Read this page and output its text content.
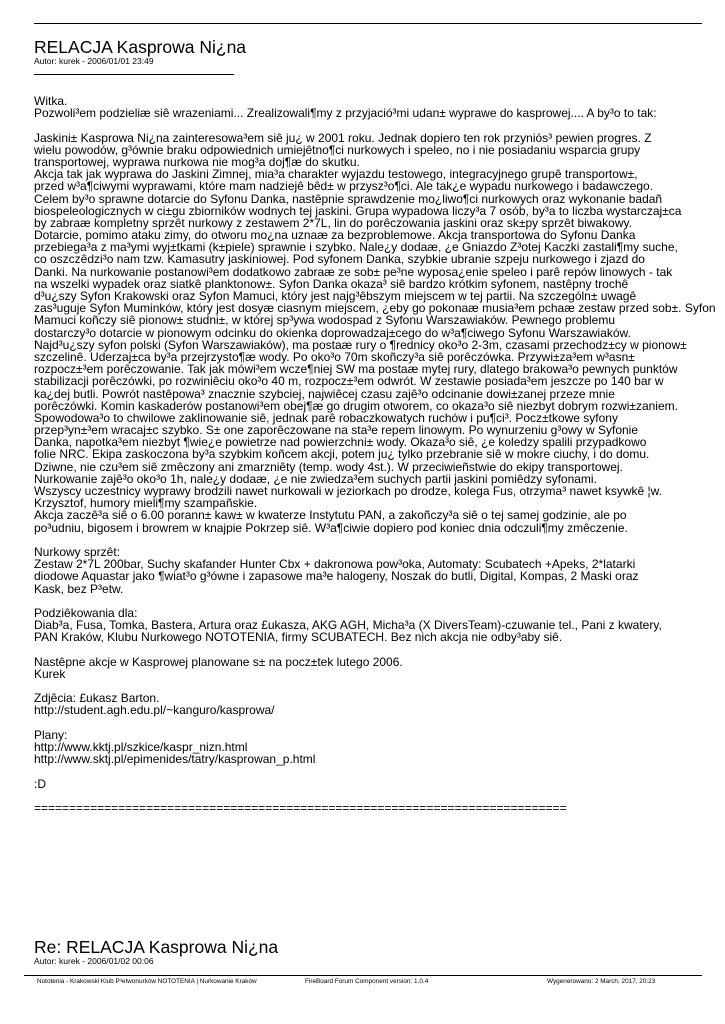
RELACJA Kasprowa Ni¿na
Autor: kurek - 2006/01/01 23:49
Witka.
Pozwoli³em podzieliæ siê wrazeniami... Zrealizowali¶my z przyjació³mi udan± wyprawe do kasprowej.... A by³o to tak:
Jaskini± Kasprowa Ni¿na zainteresowa³em siê ju¿ w 2001 roku. Jednak dopiero ten rok przyniós³ pewien progres. Z
wielu powodów, g³ównie braku odpowiednich umiejêtno¶ci nurkowych i speleo, no i nie posiadaniu wsparcia grupy
transportowej, wyprawa nurkowa nie mog³a doj¶æ do skutku.
Akcja tak jak wyprawa do Jaskini Zimnej, mia³a charakter wyjazdu testowego, integracyjnego grupê transportow±,
przed w³a¶ciwymi wyprawami, które mam nadziejê bêd± w przysz³o¶ci. Ale tak¿e wypadu nurkowego i badawczego.
Celem by³o sprawne dotarcie do Syfonu Danka, nastêpnie sprawdzenie mo¿liwo¶ci nurkowych oraz wykonanie badañ
biospeleologicznych w ci±gu zbiorników wodnych tej jaskini. Grupa wypadowa liczy³a 7 osób, by³a to liczba wystarczaj±ca
by zabraæ kompletny sprzêt nurkowy z zestawem 2*7L, lin do porêczowania jaskini oraz sk±py sprzêt biwakowy.
Dotarcie, pomimo ataku zimy, do otworu mo¿na uznaæ za bezproblemowe. Akcja transportowa do Syfonu Danka
przebiega³a z ma³ymi wyj±tkami (k±piele) sprawnie i szybko. Nale¿y dodaæ, ¿e Gniazdo Z³otej Kaczki zastali¶my suche,
co oszczêdzi³o nam tzw. Kamasutry jaskiniowej. Pod syfonem Danka, szybkie ubranie szpeju nurkowego i zjazd do
Danki. Na nurkowanie postanowi³em dodatkowo zabraæ ze sob± pe³ne wyposa¿enie speleo i parê repów linowych - tak
na wszelki wypadek oraz siatkê planktonow±. Syfon Danka okaza³ siê bardzo krótkim syfonem, nastêpny trochê
d³u¿szy Syfon Krakowski oraz Syfon Mamuci, który jest najg³êbszym miejscem w tej partii. Na szczególn± uwagê
zas³uguje Syfon Muminków, który jest dosyæ ciasnym miejscem, ¿eby go pokonaæ musia³em pchaæ zestaw przed sob±. Syfon
Mamuci koñczy siê pionow± studni±, w której sp³ywa wodospad z Syfonu Warszawiaków. Pewnego problemu
dostarczy³o dotarcie w pionowym odcinku do okienka doprowadzaj±cego do w³a¶ciwego Syfonu Warszawiaków.
Najd³u¿szy syfon polski (Syfon Warszawiaków), ma postaæ rury o ¶rednicy oko³o 2-3m, czasami przechodz±cy w pionow±
szczelinê. Uderzaj±ca by³a przejrzysto¶æ wody. Po oko³o 70m skoñczy³a siê porêczówka. Przywi±za³em w³asn±
rozpocz±³em porêczowanie. Tak jak mówi³em wcze¶niej SW ma postaæ mytej rury, dlatego brakowa³o pewnych punktów
stabilizacji porêczówki, po rozwiniêciu oko³o 40 m, rozpocz±³em odwrót. W zestawie posiada³em jeszcze po 140 bar w
ka¿dej butli. Powrót nastêpowa³ znacznie szybciej, najwiêcej czasu zajê³o odcinanie dowi±zanej przeze mnie
porêczówki. Komin kaskaderów postanowi³em obej¶æ go drugim otworem, co okaza³o siê niezbyt dobrym rozwi±zaniem.
Spowodowa³o to chwilowe zaklinowanie siê, jednak parê robaczkowatych ruchów i pu¶ci³. Pocz±tkowe syfony
przep³yn±³em wracaj±c szybko. S± one zaporêczowane na sta³e repem linowym. Po wynurzeniu g³owy w Syfonie
Danka, napotka³em niezbyt ¶wie¿e powietrze nad powierzchni± wody. Okaza³o siê, ¿e koledzy spalili przypadkowo
folie NRC. Ekipa zaskoczona by³a szybkim koñcem akcji, potem ju¿ tylko przebranie siê w mokre ciuchy, i do domu.
Dziwne, nie czu³em siê zmêczony ani zmarzniêty (temp. wody 4st.). W przeciwieñstwie do ekipy transportowej.
Nurkowanie zajê³o oko³o 1h, nale¿y dodaæ, ¿e nie zwiedza³em suchych partii jaskini pomiêdzy syfonami.
Wszyscy uczestnicy wyprawy brodzili nawet nurkowali w jeziorkach po drodze, kolega Fus, otrzyma³ nawet ksywkê ¦w.
Krzysztof, humory mieli¶my szampañskie.
Akcja zaczê³a siê o 6.00 porann± kaw± w kwaterze Instytutu PAN, a zakoñczy³a siê o tej samej godzinie, ale po
po³udniu, bigosem i browrem w knajpie Pokrzep siê. W³a¶ciwie dopiero pod koniec dnia odczuli¶my zmêczenie.
Nurkowy sprzêt:
Zestaw 2*7L 200bar, Suchy skafander Hunter Cbx + dakronowa pow³oka, Automaty: Scubatech +Apeks, 2*latarki
diodowe Aquastar jako ¶wiat³o g³ówne i zapasowe ma³e halogeny, Noszak do butli, Digital, Kompas, 2 Maski oraz
Kask, bez P³etw.
Podziêkowania dla:
Diab³a, Fusa, Tomka, Bastera, Artura oraz £ukasza, AKG AGH, Micha³a (X DiversTeam)-czuwanie tel., Pani z kwatery,
PAN Kraków, Klubu Nurkowego NOTOTENIA, firmy SCUBATECH. Bez nich akcja nie odby³aby siê.
Nastêpne akcje w Kasprowej planowane s± na pocz±tek lutego 2006.
Kurek
Zdjêcia: £ukasz Barton.
http://student.agh.edu.pl/~kanguro/kasprowa/
Plany:
http://www.kktj.pl/szkice/kaspr_nizn.html
http://www.sktj.pl/epimenides/tatry/kasprowan_p.html
:D
============================================================================
Re: RELACJA Kasprowa Ni¿na
Autor: kurek - 2006/01/02 00:06
Nototenia - Krakowski Klub P³etwonurków NOTOTENIA | Nurkowanie Kraków	FireBoard Forum Component version: 1.0.4	Wygenerowano: 2 March, 2017, 20:23
